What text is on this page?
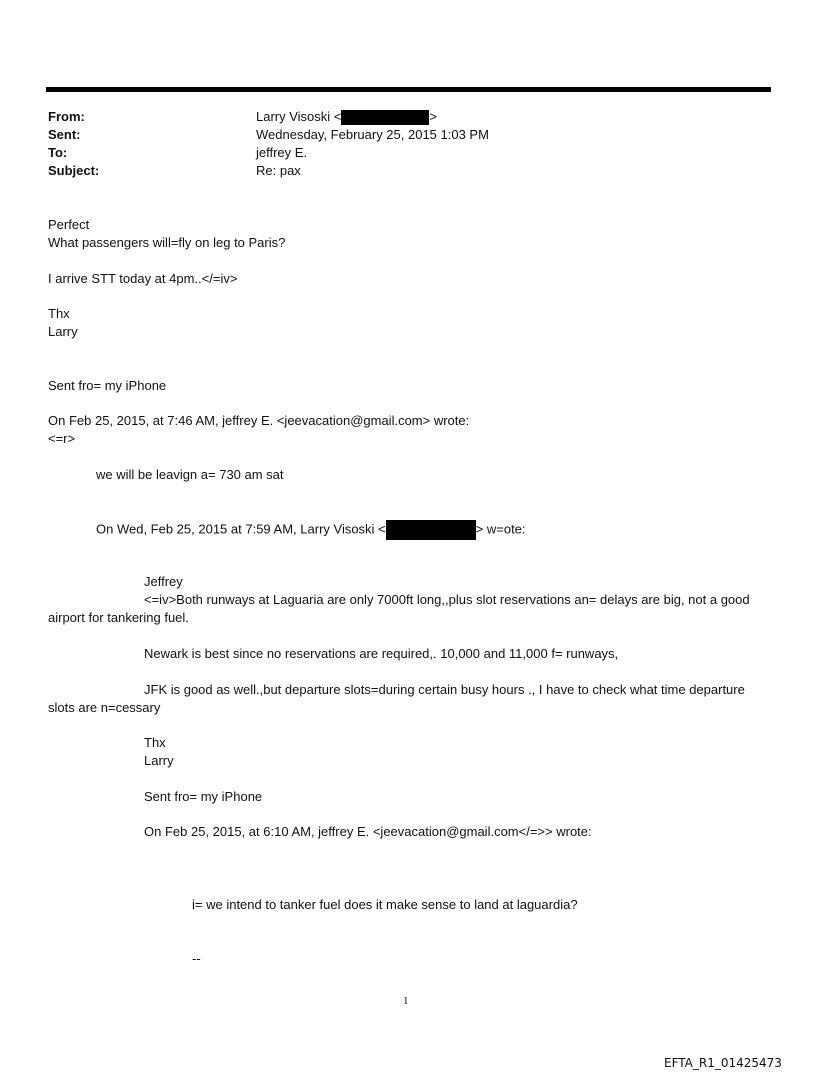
From:	Larry Visoski <	>
Sent:	Wednesday, February 25, 2015 1:03 PM
To:	jeffrey E.
Subject:	Re: pax
Perfect
What passengers will=fly on leg to Paris?
I arrive STT today at 4pm..</=iv>
Thx
Larry
Sent fro= my iPhone
On Feb 25, 2015, at 7:46 AM, jeffrey E. <jeevacation@gmail.com> wrote:
<=r>
we will be leavign a= 730 am sat
On Wed, Feb 25, 2015 at 7:59 AM, Larry Visoski <	> w=ote:
Jeffrey
<=iv>Both runways at Laguaria are only 7000ft long,,plus slot reservations an= delays are big, not a good
airport for tankering fuel.
Newark is best since no reservations are required,. 10,000 and 11,000 f= runways,
JFK is good as well.,but departure slots=during certain busy hours ., I have to check what time departure
slots are n=cessary
Thx
Larry
Sent fro= my iPhone
On Feb 25, 2015, at 6:10 AM, jeffrey E. <jeevacation@gmail.com</=>> wrote:
i= we intend to tanker fuel does it make sense to land at laguardia?
--
1
EFTA_R1_01425473
